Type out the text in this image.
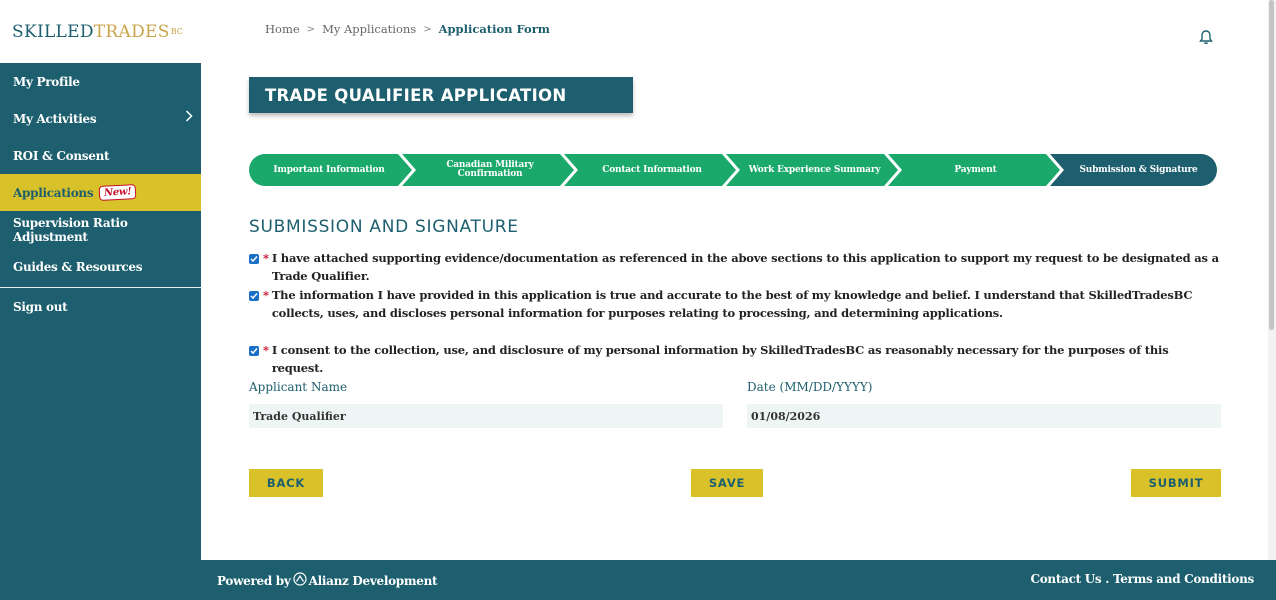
SKILLED TRADES BC
My Profile
My Activities
ROI & Consent
Applications	New!
Supervision Ratio Adjustment
Guides & Resources
Sign out
Home > My Applications > Application Form
TRADE QUALIFIER APPLICATION
Important Information	Canadian Military Confirmation	Contact Information	Work Experience Summary	Payment	Submission & Signature
SUBMISSION AND SIGNATURE
* I have attached supporting evidence/documentation as referenced in the above sections to this application to support my request to be designated as a Trade Qualifier.
* The information I have provided in this application is true and accurate to the best of my knowledge and belief. I understand that SkilledTradesBC collects, uses, and discloses personal information for purposes relating to processing, and determining applications.
* I consent to the collection, use, and disclosure of my personal information by SkilledTradesBC as reasonably necessary for the purposes of this request.
Applicant Name
Trade Qualifier
Date (MM/DD/YYYY)
01/08/2026
BACK	SAVE	SUBMIT
Powered by Alianz Development	Contact Us . Terms and Conditions
